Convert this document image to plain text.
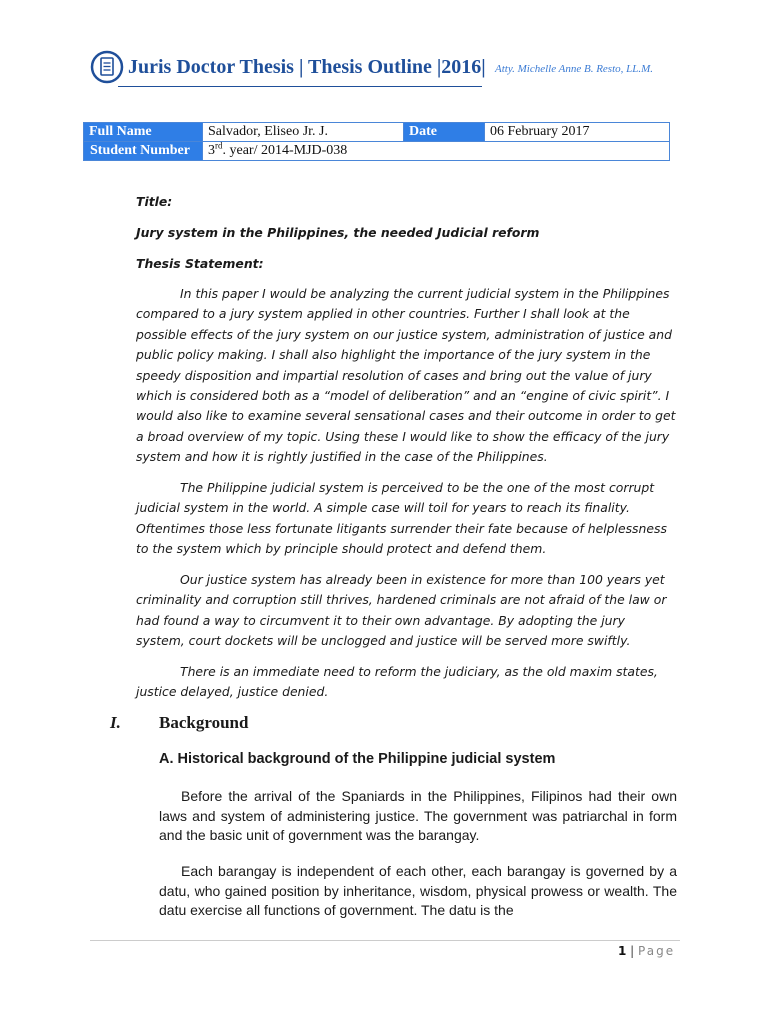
Juris Doctor Thesis | Thesis Outline |2016| Atty. Michelle Anne B. Resto, LL.M.
Full Name	Salvador, Eliseo Jr. J.	Date	06 February 2017
Student Number	3rd. year/ 2014-MJD-038		
Title:
Jury system in the Philippines, the needed Judicial reform
Thesis Statement:
In this paper I would be analyzing the current judicial system in the Philippines compared to a jury system applied in other countries. Further I shall look at the possible effects of the jury system on our justice system, administration of justice and public policy making. I shall also highlight the importance of the jury system in the speedy disposition and impartial resolution of cases and bring out the value of jury which is considered both as a “model of deliberation” and an “engine of civic spirit”. I would also like to examine several sensational cases and their outcome in order to get a broad overview of my topic. Using these I would like to show the efficacy of the jury system and how it is rightly justified in the case of the Philippines.
The Philippine judicial system is perceived to be the one of the most corrupt judicial system in the world. A simple case will toil for years to reach its finality. Oftentimes those less fortunate litigants surrender their fate because of helplessness to the system which by principle should protect and defend them.
Our justice system has already been in existence for more than 100 years yet criminality and corruption still thrives, hardened criminals are not afraid of the law or had found a way to circumvent it to their own advantage. By adopting the jury system, court dockets will be unclogged and justice will be served more swiftly.
There is an immediate need to reform the judiciary, as the old maxim states, justice delayed, justice denied.
I. Background
A. Historical background of the Philippine judicial system
Before the arrival of the Spaniards in the Philippines, Filipinos had their own laws and system of administering justice. The government was patriarchal in form and the basic unit of government was the barangay.
Each barangay is independent of each other, each barangay is governed by a datu, who gained position by inheritance, wisdom, physical prowess or wealth. The datu exercise all functions of government. The datu is the
1 | Page
